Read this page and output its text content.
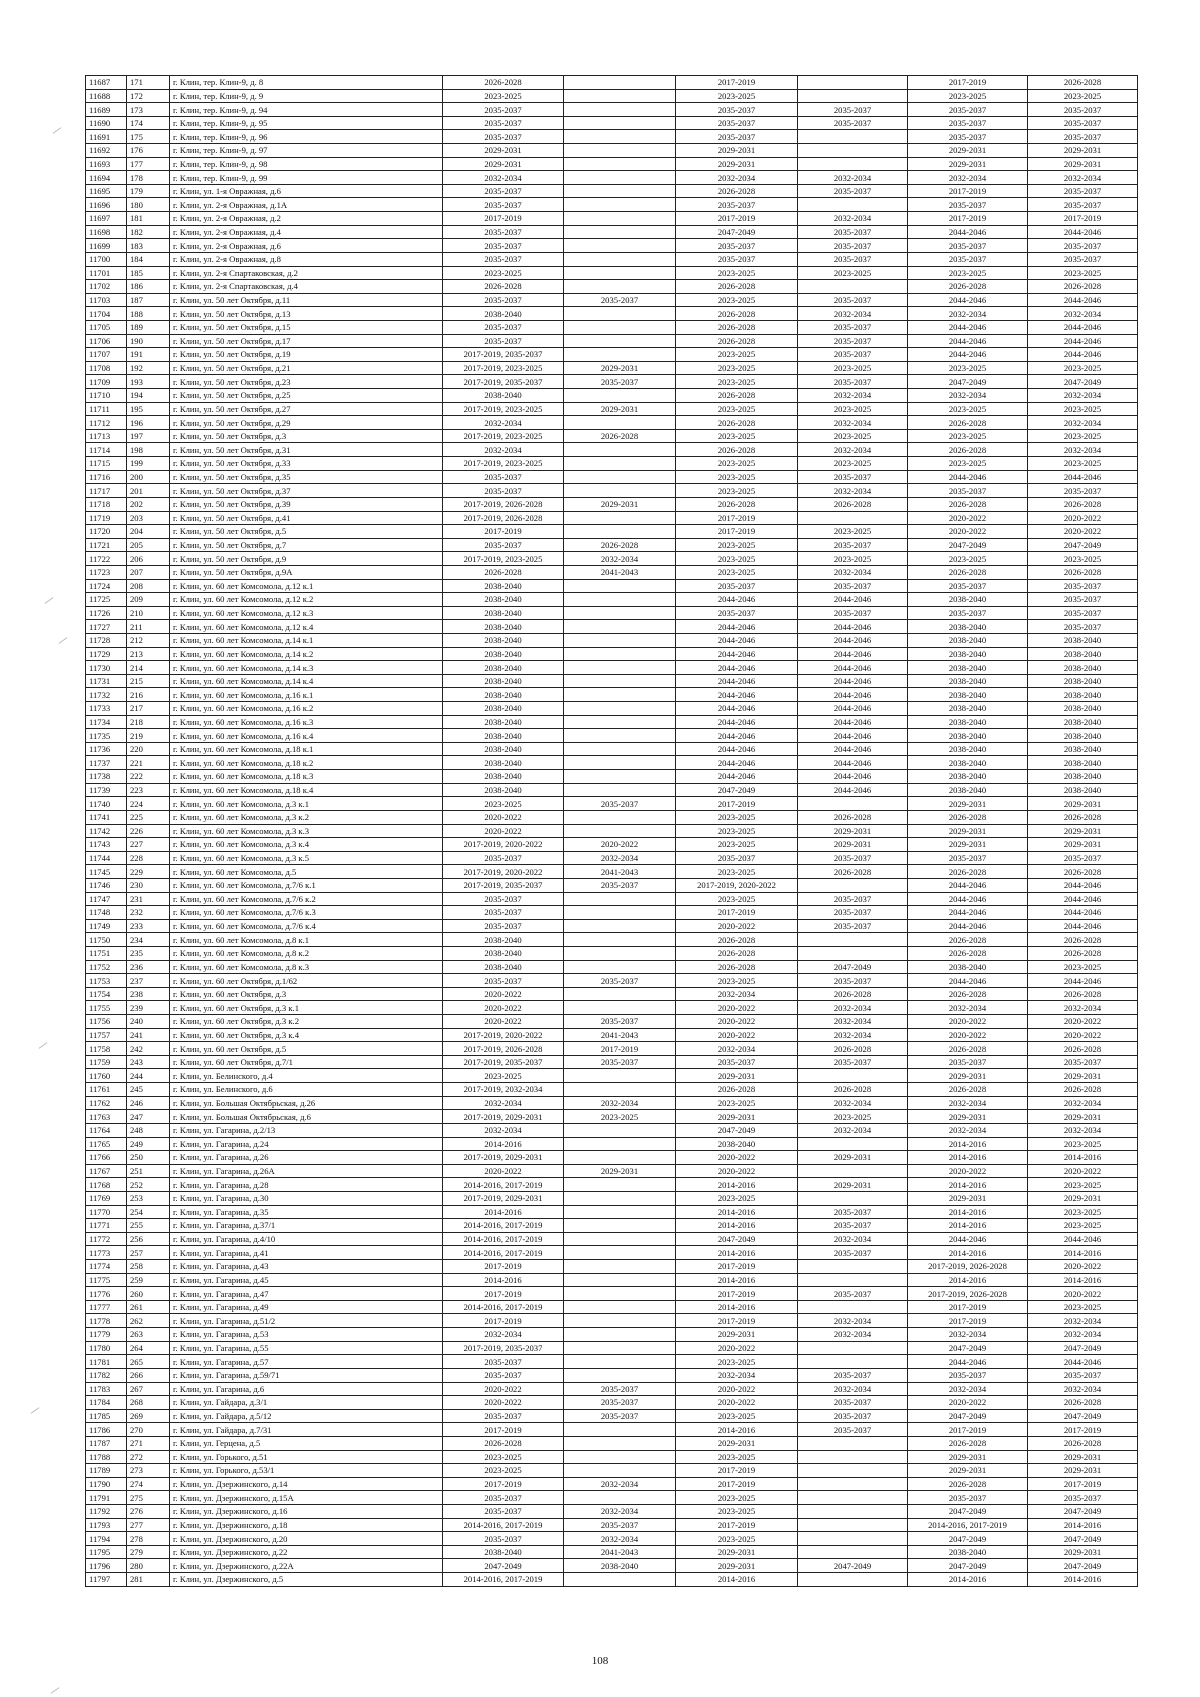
11687	171	г. Клин, тер. Клин-9, д. 8	2026-2028		2017-2019		2017-2019	2026-2028
11688	172	г. Клин, тер. Клин-9, д. 9	2023-2025		2023-2025		2023-2025	2023-2025
11689	173	г. Клин, тер. Клин-9, д. 94	2035-2037		2035-2037	2035-2037	2035-2037	2035-2037
11690	174	г. Клин, тер. Клин-9, д. 95	2035-2037		2035-2037	2035-2037	2035-2037	2035-2037
11691	175	г. Клин, тер. Клин-9, д. 96	2035-2037		2035-2037		2035-2037	2035-2037
11692	176	г. Клин, тер. Клин-9, д. 97	2029-2031		2029-2031		2029-2031	2029-2031
11693	177	г. Клин, тер. Клин-9, д. 98	2029-2031		2029-2031		2029-2031	2029-2031
11694	178	г. Клин, тер. Клин-9, д. 99	2032-2034		2032-2034	2032-2034	2032-2034	2032-2034
11695	179	г. Клин, ул. 1-я Овражная, д.6	2035-2037		2026-2028	2035-2037	2017-2019	2035-2037
11696	180	г. Клин, ул. 2-я Овражная, д.1А	2035-2037		2035-2037		2035-2037	2035-2037
11697	181	г. Клин, ул. 2-я Овражная, д.2	2017-2019		2017-2019	2032-2034	2017-2019	2017-2019
11698	182	г. Клин, ул. 2-я Овражная, д.4	2035-2037		2047-2049	2035-2037	2044-2046	2044-2046
11699	183	г. Клин, ул. 2-я Овражная, д.6	2035-2037		2035-2037	2035-2037	2035-2037	2035-2037
11700	184	г. Клин, ул. 2-я Овражная, д.8	2035-2037		2035-2037	2035-2037	2035-2037	2035-2037
11701	185	г. Клин, ул. 2-я Спартаковская, д.2	2023-2025		2023-2025	2023-2025	2023-2025	2023-2025
11702	186	г. Клин, ул. 2-я Спартаковская, д.4	2026-2028		2026-2028		2026-2028	2026-2028
11703	187	г. Клин, ул. 50 лет Октября, д.11	2035-2037	2035-2037	2023-2025	2035-2037	2044-2046	2044-2046
11704	188	г. Клин, ул. 50 лет Октября, д.13	2038-2040		2026-2028	2032-2034	2032-2034	2032-2034
11705	189	г. Клин, ул. 50 лет Октября, д.15	2035-2037		2026-2028	2035-2037	2044-2046	2044-2046
11706	190	г. Клин, ул. 50 лет Октября, д.17	2035-2037		2026-2028	2035-2037	2044-2046	2044-2046
11707	191	г. Клин, ул. 50 лет Октября, д.19	2017-2019, 2035-2037		2023-2025	2035-2037	2044-2046	2044-2046
11708	192	г. Клин, ул. 50 лет Октября, д.21	2017-2019, 2023-2025	2029-2031	2023-2025	2023-2025	2023-2025	2023-2025
11709	193	г. Клин, ул. 50 лет Октября, д.23	2017-2019, 2035-2037	2035-2037	2023-2025	2035-2037	2047-2049	2047-2049
11710	194	г. Клин, ул. 50 лет Октября, д.25	2038-2040		2026-2028	2032-2034	2032-2034	2032-2034
11711	195	г. Клин, ул. 50 лет Октября, д.27	2017-2019, 2023-2025	2029-2031	2023-2025	2023-2025	2023-2025	2023-2025
11712	196	г. Клин, ул. 50 лет Октября, д.29	2032-2034		2026-2028	2032-2034	2026-2028	2032-2034
11713	197	г. Клин, ул. 50 лет Октября, д.3	2017-2019, 2023-2025	2026-2028	2023-2025	2023-2025	2023-2025	2023-2025
11714	198	г. Клин, ул. 50 лет Октября, д.31	2032-2034		2026-2028	2032-2034	2026-2028	2032-2034
11715	199	г. Клин, ул. 50 лет Октября, д.33	2017-2019, 2023-2025		2023-2025	2023-2025	2023-2025	2023-2025
11716	200	г. Клин, ул. 50 лет Октября, д.35	2035-2037		2023-2025	2035-2037	2044-2046	2044-2046
11717	201	г. Клин, ул. 50 лет Октября, д.37	2035-2037		2023-2025	2032-2034	2035-2037	2035-2037
11718	202	г. Клин, ул. 50 лет Октября, д.39	2017-2019, 2026-2028	2029-2031	2026-2028	2026-2028	2026-2028	2026-2028
11719	203	г. Клин, ул. 50 лет Октября, д.41	2017-2019, 2026-2028		2017-2019		2020-2022	2020-2022
11720	204	г. Клин, ул. 50 лет Октября, д.5	2017-2019		2017-2019	2023-2025	2020-2022	2020-2022
11721	205	г. Клин, ул. 50 лет Октября, д.7	2035-2037	2026-2028	2023-2025	2035-2037	2047-2049	2047-2049
11722	206	г. Клин, ул. 50 лет Октября, д.9	2017-2019, 2023-2025	2032-2034	2023-2025	2023-2025	2023-2025	2023-2025
11723	207	г. Клин, ул. 50 лет Октября, д.9А	2026-2028	2041-2043	2023-2025	2032-2034	2026-2028	2026-2028
11724	208	г. Клин, ул. 60 лет Комсомола, д.12 к.1	2038-2040		2035-2037	2035-2037	2035-2037	2035-2037
11725	209	г. Клин, ул. 60 лет Комсомола, д.12 к.2	2038-2040		2044-2046	2044-2046	2038-2040	2035-2037
11726	210	г. Клин, ул. 60 лет Комсомола, д.12 к.3	2038-2040		2035-2037	2035-2037	2035-2037	2035-2037
11727	211	г. Клин, ул. 60 лет Комсомола, д.12 к.4	2038-2040		2044-2046	2044-2046	2038-2040	2035-2037
11728	212	г. Клин, ул. 60 лет Комсомола, д.14 к.1	2038-2040		2044-2046	2044-2046	2038-2040	2038-2040
11729	213	г. Клин, ул. 60 лет Комсомола, д.14 к.2	2038-2040		2044-2046	2044-2046	2038-2040	2038-2040
11730	214	г. Клин, ул. 60 лет Комсомола, д.14 к.3	2038-2040		2044-2046	2044-2046	2038-2040	2038-2040
11731	215	г. Клин, ул. 60 лет Комсомола, д.14 к.4	2038-2040		2044-2046	2044-2046	2038-2040	2038-2040
11732	216	г. Клин, ул. 60 лет Комсомола, д.16 к.1	2038-2040		2044-2046	2044-2046	2038-2040	2038-2040
11733	217	г. Клин, ул. 60 лет Комсомола, д.16 к.2	2038-2040		2044-2046	2044-2046	2038-2040	2038-2040
11734	218	г. Клин, ул. 60 лет Комсомола, д.16 к.3	2038-2040		2044-2046	2044-2046	2038-2040	2038-2040
11735	219	г. Клин, ул. 60 лет Комсомола, д.16 к.4	2038-2040		2044-2046	2044-2046	2038-2040	2038-2040
11736	220	г. Клин, ул. 60 лет Комсомола, д.18 к.1	2038-2040		2044-2046	2044-2046	2038-2040	2038-2040
11737	221	г. Клин, ул. 60 лет Комсомола, д.18 к.2	2038-2040		2044-2046	2044-2046	2038-2040	2038-2040
11738	222	г. Клин, ул. 60 лет Комсомола, д.18 к.3	2038-2040		2044-2046	2044-2046	2038-2040	2038-2040
11739	223	г. Клин, ул. 60 лет Комсомола, д.18 к.4	2038-2040		2047-2049	2044-2046	2038-2040	2038-2040
11740	224	г. Клин, ул. 60 лет Комсомола, д.3 к.1	2023-2025	2035-2037	2017-2019		2029-2031	2029-2031
11741	225	г. Клин, ул. 60 лет Комсомола, д.3 к.2	2020-2022		2023-2025	2026-2028	2026-2028	2026-2028
11742	226	г. Клин, ул. 60 лет Комсомола, д.3 к.3	2020-2022		2023-2025	2029-2031	2029-2031	2029-2031
11743	227	г. Клин, ул. 60 лет Комсомола, д.3 к.4	2017-2019, 2020-2022	2020-2022	2023-2025	2029-2031	2029-2031	2029-2031
11744	228	г. Клин, ул. 60 лет Комсомола, д.3 к.5	2035-2037	2032-2034	2035-2037	2035-2037	2035-2037	2035-2037
11745	229	г. Клин, ул. 60 лет Комсомола, д.5	2017-2019, 2020-2022	2041-2043	2023-2025	2026-2028	2026-2028	2026-2028
11746	230	г. Клин, ул. 60 лет Комсомола, д.7/6 к.1	2017-2019, 2035-2037	2035-2037	2017-2019, 2020-2022		2044-2046	2044-2046
11747	231	г. Клин, ул. 60 лет Комсомола, д.7/6 к.2	2035-2037		2023-2025	2035-2037	2044-2046	2044-2046
11748	232	г. Клин, ул. 60 лет Комсомола, д.7/6 к.3	2035-2037		2017-2019	2035-2037	2044-2046	2044-2046
11749	233	г. Клин, ул. 60 лет Комсомола, д.7/6 к.4	2035-2037		2020-2022	2035-2037	2044-2046	2044-2046
11750	234	г. Клин, ул. 60 лет Комсомола, д.8 к.1	2038-2040		2026-2028		2026-2028	2026-2028
11751	235	г. Клин, ул. 60 лет Комсомола, д.8 к.2	2038-2040		2026-2028		2026-2028	2026-2028
11752	236	г. Клин, ул. 60 лет Комсомола, д.8 к.3	2038-2040		2026-2028	2047-2049	2038-2040	2023-2025
11753	237	г. Клин, ул. 60 лет Октября, д.1/62	2035-2037	2035-2037	2023-2025	2035-2037	2044-2046	2044-2046
11754	238	г. Клин, ул. 60 лет Октября, д.3	2020-2022		2032-2034	2026-2028	2026-2028	2026-2028
11755	239	г. Клин, ул. 60 лет Октября, д.3 к.1	2020-2022		2020-2022	2032-2034	2032-2034	2032-2034
11756	240	г. Клин, ул. 60 лет Октября, д.3 к.2	2020-2022	2035-2037	2020-2022	2032-2034	2020-2022	2020-2022
11757	241	г. Клин, ул. 60 лет Октября, д.3 к.4	2017-2019, 2020-2022	2041-2043	2020-2022	2032-2034	2020-2022	2020-2022
11758	242	г. Клин, ул. 60 лет Октября, д.5	2017-2019, 2026-2028	2017-2019	2032-2034	2026-2028	2026-2028	2026-2028
11759	243	г. Клин, ул. 60 лет Октября, д.7/1	2017-2019, 2035-2037	2035-2037	2035-2037	2035-2037	2035-2037	2035-2037
11760	244	г. Клин, ул. Белинского, д.4	2023-2025		2029-2031		2029-2031	2029-2031
11761	245	г. Клин, ул. Белинского, д.6	2017-2019, 2032-2034		2026-2028	2026-2028	2026-2028	2026-2028
11762	246	г. Клин, ул. Большая Октябрьская, д.26	2032-2034	2032-2034	2023-2025	2032-2034	2032-2034	2032-2034
11763	247	г. Клин, ул. Большая Октябрьская, д.6	2017-2019, 2029-2031	2023-2025	2029-2031	2023-2025	2029-2031	2029-2031
11764	248	г. Клин, ул. Гагарина, д.2/13	2032-2034		2047-2049	2032-2034	2032-2034	2032-2034
11765	249	г. Клин, ул. Гагарина, д.24	2014-2016		2038-2040		2014-2016	2023-2025
11766	250	г. Клин, ул. Гагарина, д.26	2017-2019, 2029-2031		2020-2022	2029-2031	2014-2016	2014-2016
11767	251	г. Клин, ул. Гагарина, д.26А	2020-2022	2029-2031	2020-2022		2020-2022	2020-2022
11768	252	г. Клин, ул. Гагарина, д.28	2014-2016, 2017-2019		2014-2016	2029-2031	2014-2016	2023-2025
11769	253	г. Клин, ул. Гагарина, д.30	2017-2019, 2029-2031		2023-2025		2029-2031	2029-2031
11770	254	г. Клин, ул. Гагарина, д.35	2014-2016		2014-2016	2035-2037	2014-2016	2023-2025
11771	255	г. Клин, ул. Гагарина, д.37/1	2014-2016, 2017-2019		2014-2016	2035-2037	2014-2016	2023-2025
11772	256	г. Клин, ул. Гагарина, д.4/10	2014-2016, 2017-2019		2047-2049	2032-2034	2044-2046	2044-2046
11773	257	г. Клин, ул. Гагарина, д.41	2014-2016, 2017-2019		2014-2016	2035-2037	2014-2016	2014-2016
11774	258	г. Клин, ул. Гагарина, д.43	2017-2019		2017-2019		2017-2019, 2026-2028	2020-2022
11775	259	г. Клин, ул. Гагарина, д.45	2014-2016		2014-2016		2014-2016	2014-2016
11776	260	г. Клин, ул. Гагарина, д.47	2017-2019		2017-2019	2035-2037	2017-2019, 2026-2028	2020-2022
11777	261	г. Клин, ул. Гагарина, д.49	2014-2016, 2017-2019		2014-2016		2017-2019	2023-2025
11778	262	г. Клин, ул. Гагарина, д.51/2	2017-2019		2017-2019	2032-2034	2017-2019	2032-2034
11779	263	г. Клин, ул. Гагарина, д.53	2032-2034		2029-2031	2032-2034	2032-2034	2032-2034
11780	264	г. Клин, ул. Гагарина, д.55	2017-2019, 2035-2037		2020-2022		2047-2049	2047-2049
11781	265	г. Клин, ул. Гагарина, д.57	2035-2037		2023-2025		2044-2046	2044-2046
11782	266	г. Клин, ул. Гагарина, д.59/71	2035-2037		2032-2034	2035-2037	2035-2037	2035-2037
11783	267	г. Клин, ул. Гагарина, д.6	2020-2022	2035-2037	2020-2022	2032-2034	2032-2034	2032-2034
11784	268	г. Клин, ул. Гайдара, д.3/1	2020-2022	2035-2037	2020-2022	2035-2037	2020-2022	2026-2028
11785	269	г. Клин, ул. Гайдара, д.5/12	2035-2037	2035-2037	2023-2025	2035-2037	2047-2049	2047-2049
11786	270	г. Клин, ул. Гайдара, д.7/31	2017-2019		2014-2016	2035-2037	2017-2019	2017-2019
11787	271	г. Клин, ул. Герцена, д.5	2026-2028		2029-2031		2026-2028	2026-2028
11788	272	г. Клин, ул. Горького, д.51	2023-2025		2023-2025		2029-2031	2029-2031
11789	273	г. Клин, ул. Горького, д.53/1	2023-2025		2017-2019		2029-2031	2029-2031
11790	274	г. Клин, ул. Дзержинского, д.14	2017-2019	2032-2034	2017-2019		2026-2028	2017-2019
11791	275	г. Клин, ул. Дзержинского, д.15А	2035-2037		2023-2025		2035-2037	2035-2037
11792	276	г. Клин, ул. Дзержинского, д.16	2035-2037	2032-2034	2023-2025		2047-2049	2047-2049
11793	277	г. Клин, ул. Дзержинского, д.18	2014-2016, 2017-2019	2035-2037	2017-2019		2014-2016, 2017-2019	2014-2016
11794	278	г. Клин, ул. Дзержинского, д.20	2035-2037	2032-2034	2023-2025		2047-2049	2047-2049
11795	279	г. Клин, ул. Дзержинского, д.22	2038-2040	2041-2043	2029-2031		2038-2040	2029-2031
11796	280	г. Клин, ул. Дзержинского, д.22А	2047-2049	2038-2040	2029-2031	2047-2049	2047-2049	2047-2049
11797	281	г. Клин, ул. Дзержинского, д.5	2014-2016, 2017-2019		2014-2016		2014-2016	2014-2016
108
